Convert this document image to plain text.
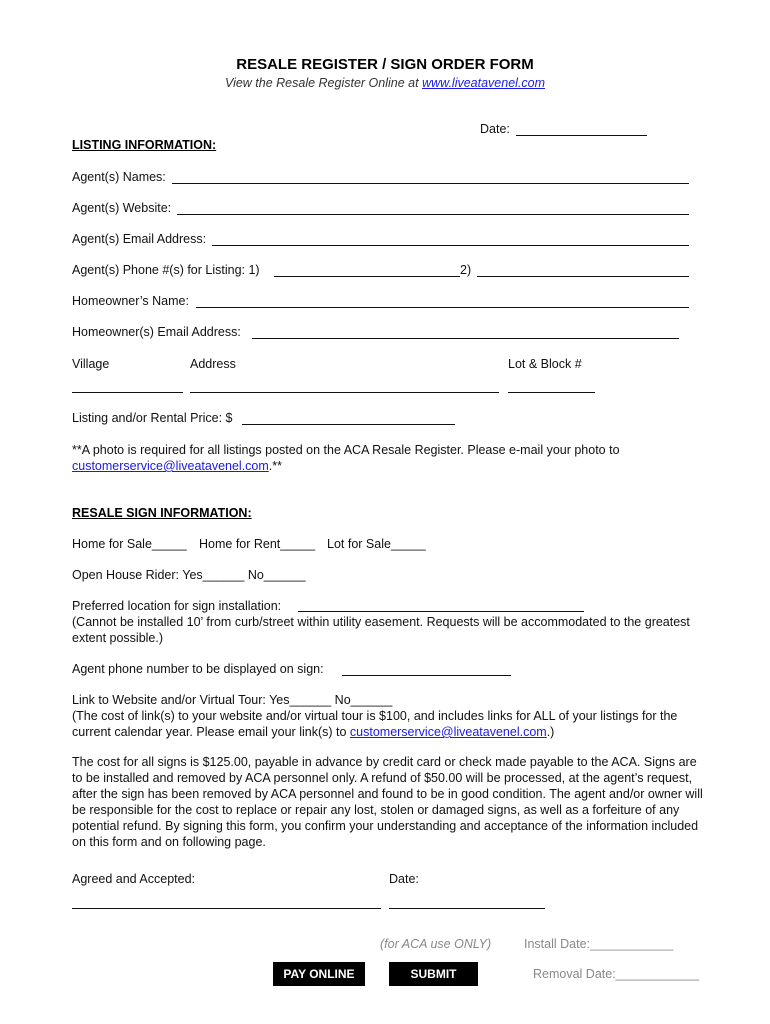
RESALE REGISTER / SIGN ORDER FORM
View the Resale Register Online at www.liveatavenel.com
Date:
LISTING INFORMATION:
Agent(s) Names:
Agent(s) Website:
Agent(s) Email Address:
Agent(s) Phone #(s) for Listing: 1)	2)
Homeowner’s Name:
Homeowner(s) Email Address:
Village	Address	Lot & Block #
Listing and/or Rental Price: $
**A photo is required for all listings posted on the ACA Resale Register. Please e-mail your photo to
customerservice@liveatavenel.com.**
RESALE SIGN INFORMATION:
Home for Sale_____ Home for Rent_____ Lot for Sale_____
Open House Rider: Yes______ No______
Preferred location for sign installation:
(Cannot be installed 10’ from curb/street within utility easement. Requests will be accommodated to the greatest extent possible.)
Agent phone number to be displayed on sign:
Link to Website and/or Virtual Tour: Yes______ No______
(The cost of link(s) to your website and/or virtual tour is $100, and includes links for ALL of your listings for the current calendar year. Please email your link(s) to customerservice@liveatavenel.com.)
The cost for all signs is $125.00, payable in advance by credit card or check made payable to the ACA. Signs are to be installed and removed by ACA personnel only. A refund of $50.00 will be processed, at the agent’s request, after the sign has been removed by ACA personnel and found to be in good condition. The agent and/or owner will be responsible for the cost to replace or repair any lost, stolen or damaged signs, as well as a forfeiture of any potential refund. By signing this form, you confirm your understanding and acceptance of the information included on this form and on following page.
Agreed and Accepted:	Date:
(for ACA use ONLY)	Install Date:____________
Removal Date:____________
PAY ONLINE	SUBMIT
